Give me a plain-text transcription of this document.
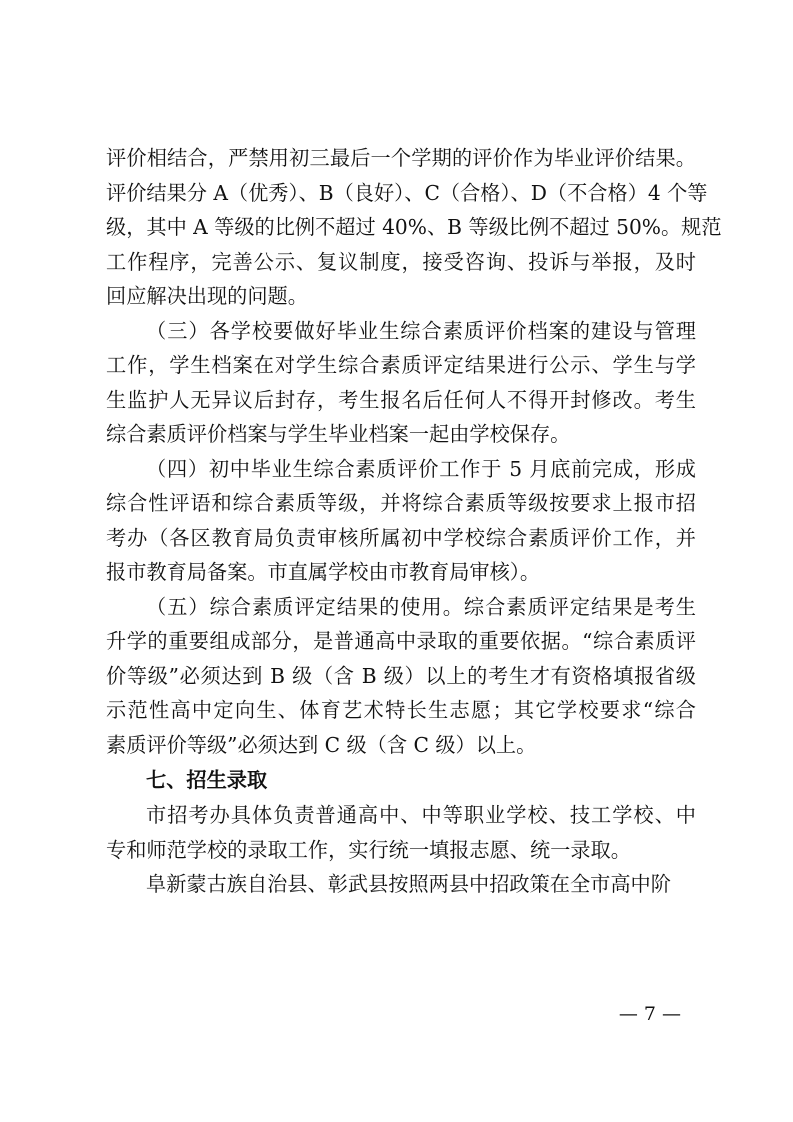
评价相结合，严禁用初三最后一个学期的评价作为毕业评价结果。
评价结果分 A（优秀）、B（良好）、C（合格）、D（不合格）4 个等
级，其中 A 等级的比例不超过 40%、B 等级比例不超过 50%。规范
工作程序，完善公示、复议制度，接受咨询、投诉与举报，及时
回应解决出现的问题。
（三）各学校要做好毕业生综合素质评价档案的建设与管理
工作，学生档案在对学生综合素质评定结果进行公示、学生与学
生监护人无异议后封存，考生报名后任何人不得开封修改。考生
综合素质评价档案与学生毕业档案一起由学校保存。
（四）初中毕业生综合素质评价工作于 5 月底前完成，形成
综合性评语和综合素质等级，并将综合素质等级按要求上报市招
考办（各区教育局负责审核所属初中学校综合素质评价工作，并
报市教育局备案。市直属学校由市教育局审核）。
（五）综合素质评定结果的使用。综合素质评定结果是考生
升学的重要组成部分，是普通高中录取的重要依据。“综合素质评
价等级”必须达到 B 级（含 B 级）以上的考生才有资格填报省级
示范性高中定向生、体育艺术特长生志愿；其它学校要求“综合
素质评价等级”必须达到 C 级（含 C 级）以上。
七、招生录取
市招考办具体负责普通高中、中等职业学校、技工学校、中
专和师范学校的录取工作，实行统一填报志愿、统一录取。
阜新蒙古族自治县、彰武县按照两县中招政策在全市高中阶
— 7 —
